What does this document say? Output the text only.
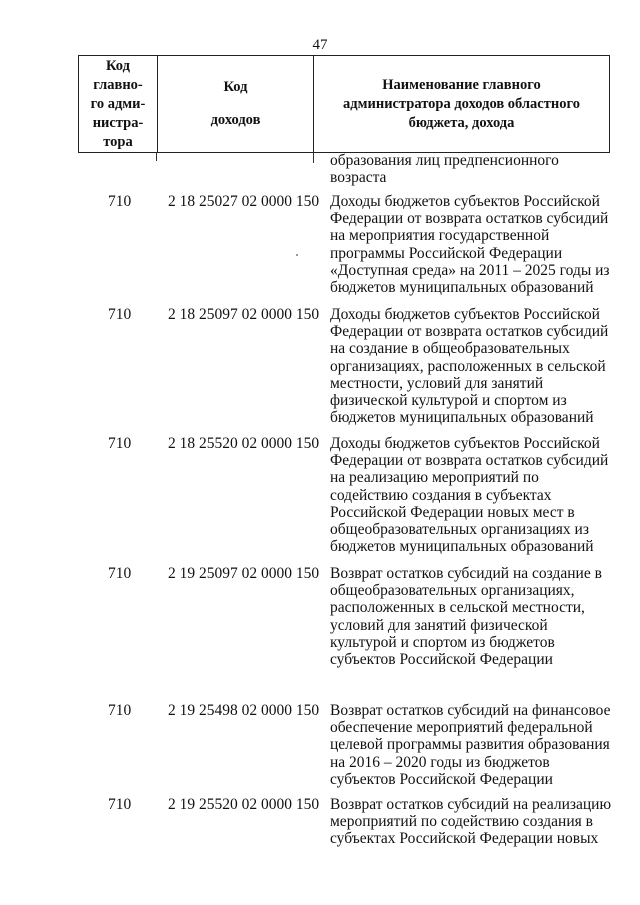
47
Код
главно-
го адми-
нистра-
тора
Код
доходов
Наименование главного
администратора доходов областного
бюджета, дохода
образования лиц предпенсионного
возраста
710 2 18 25027 02 0000 150 Доходы бюджетов субъектов Российской
Федерации от возврата остатков субсидий
на мероприятия государственной
программы Российской Федерации
«Доступная среда» на 2011 – 2025 годы из
бюджетов муниципальных образований
710 2 18 25097 02 0000 150 Доходы бюджетов субъектов Российской
Федерации от возврата остатков субсидий
на создание в общеобразовательных
организациях, расположенных в сельской
местности, условий для занятий
физической культурой и спортом из
бюджетов муниципальных образований
710 2 18 25520 02 0000 150 Доходы бюджетов субъектов Российской
Федерации от возврата остатков субсидий
на реализацию мероприятий по
содействию создания в субъектах
Российской Федерации новых мест в
общеобразовательных организациях из
бюджетов муниципальных образований
710 2 19 25097 02 0000 150 Возврат остатков субсидий на создание в
общеобразовательных организациях,
расположенных в сельской местности,
условий для занятий физической
культурой и спортом из бюджетов
субъектов Российской Федерации
710 2 19 25498 02 0000 150 Возврат остатков субсидий на финансовое
обеспечение мероприятий федеральной
целевой программы развития образования
на 2016 – 2020 годы из бюджетов
субъектов Российской Федерации
710 2 19 25520 02 0000 150 Возврат остатков субсидий на реализацию
мероприятий по содействию создания в
субъектах Российской Федерации новых
